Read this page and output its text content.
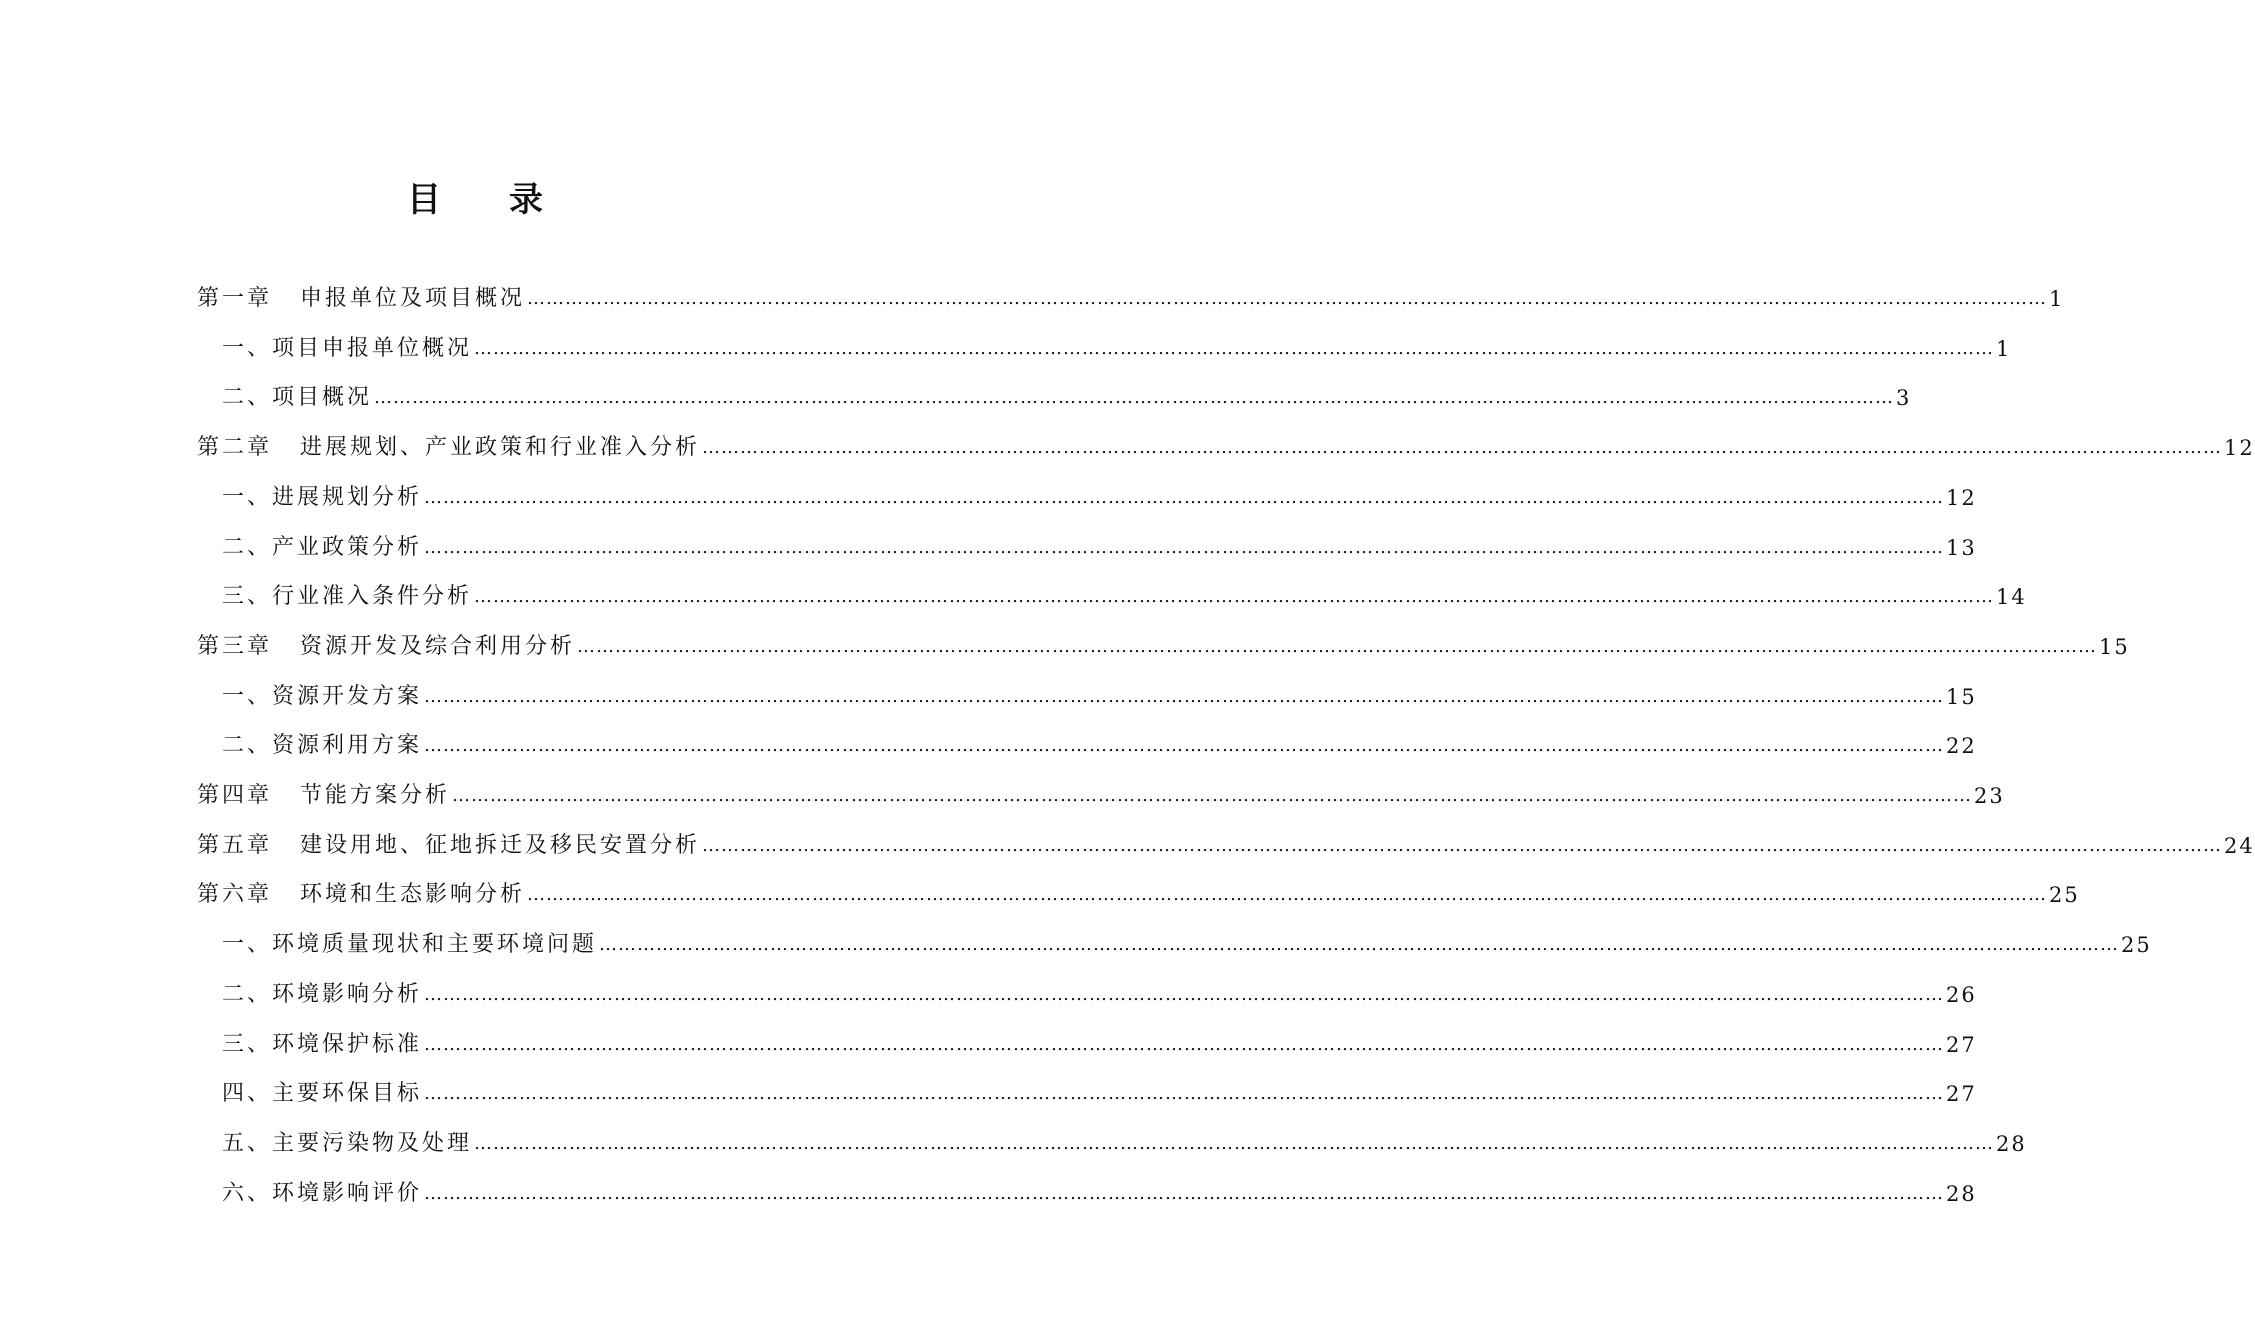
目 录
第一章 申报单位及项目概况 …………………………………………………………………………………………………………………………………………………………………………………………………………………… 1
一、项目申报单位概况 …………………………………………………………………………………………………………………………………………………………………………………………………………………… 1
二、项目概况 …………………………………………………………………………………………………………………………………………………………………………………………………………………… 3
第二章 进展规划、产业政策和行业准入分析 …………………………………………………………………………………………………………………………………………………………………………………………………………………… 12
一、进展规划分析 …………………………………………………………………………………………………………………………………………………………………………………………………………………… 12
二、产业政策分析 …………………………………………………………………………………………………………………………………………………………………………………………………………………… 13
三、行业准入条件分析 …………………………………………………………………………………………………………………………………………………………………………………………………………………… 14
第三章 资源开发及综合利用分析 …………………………………………………………………………………………………………………………………………………………………………………………………………………… 15
一、资源开发方案 …………………………………………………………………………………………………………………………………………………………………………………………………………………… 15
二、资源利用方案 …………………………………………………………………………………………………………………………………………………………………………………………………………………… 22
第四章 节能方案分析 …………………………………………………………………………………………………………………………………………………………………………………………………………………… 23
第五章 建设用地、征地拆迁及移民安置分析 …………………………………………………………………………………………………………………………………………………………………………………………………………………… 24
第六章 环境和生态影响分析 …………………………………………………………………………………………………………………………………………………………………………………………………………………… 25
一、环境质量现状和主要环境问题 …………………………………………………………………………………………………………………………………………………………………………………………………………………… 25
二、环境影响分析 …………………………………………………………………………………………………………………………………………………………………………………………………………………… 26
三、环境保护标准 …………………………………………………………………………………………………………………………………………………………………………………………………………………… 27
四、主要环保目标 …………………………………………………………………………………………………………………………………………………………………………………………………………………… 27
五、主要污染物及处理 …………………………………………………………………………………………………………………………………………………………………………………………………………………… 28
六、环境影响评价 …………………………………………………………………………………………………………………………………………………………………………………………………………………… 28
